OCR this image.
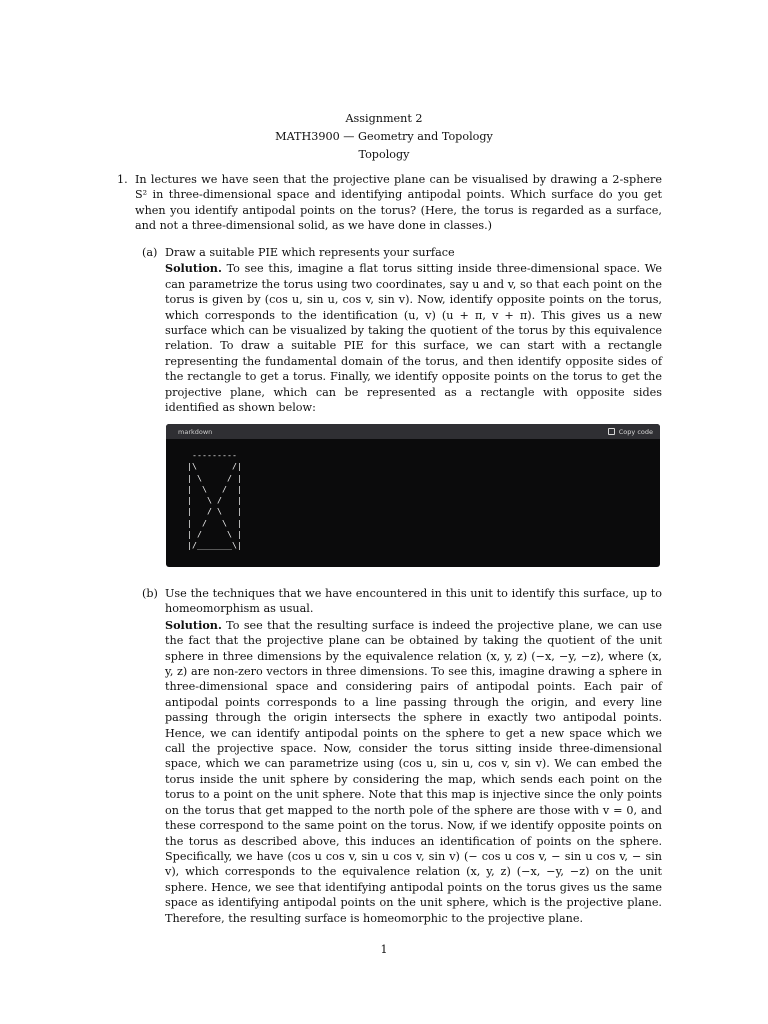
Assignment 2
MATH3900 — Geometry and Topology
Topology
1. In lectures we have seen that the projective plane can be visualised by drawing a 2-sphere S² in three-dimensional space and identifying antipodal points. Which surface do you get when you identify antipodal points on the torus? (Here, the torus is regarded as a surface, and not a three-dimensional solid, as we have done in classes.)
(a) Draw a suitable PIE which represents your surface
Solution. To see this, imagine a flat torus sitting inside three-dimensional space. We can parametrize the torus using two coordinates, say u and v, so that each point on the torus is given by (cos u, sin u, cos v, sin v). Now, identify opposite points on the torus, which corresponds to the identification (u, v) (u + π, v + π). This gives us a new surface which can be visualized by taking the quotient of the torus by this equivalence relation. To draw a suitable PIE for this surface, we can start with a rectangle representing the fundamental domain of the torus, and then identify opposite sides of the rectangle to get a torus. Finally, we identify opposite points on the torus to get the projective plane, which can be represented as a rectangle with opposite sides identified as shown below:
markdown	Copy code
---------
|\       /|
| \     / |
|  \   /  |
|   \ /   |
|   / \   |
|  /   \  |
| /     \ |
|/_______\|
(b) Use the techniques that we have encountered in this unit to identify this surface, up to homeomorphism as usual.
Solution. To see that the resulting surface is indeed the projective plane, we can use the fact that the projective plane can be obtained by taking the quotient of the unit sphere in three dimensions by the equivalence relation (x, y, z) (−x, −y, −z), where (x, y, z) are non-zero vectors in three dimensions. To see this, imagine drawing a sphere in three-dimensional space and considering pairs of antipodal points. Each pair of antipodal points corresponds to a line passing through the origin, and every line passing through the origin intersects the sphere in exactly two antipodal points. Hence, we can identify antipodal points on the sphere to get a new space which we call the projective space. Now, consider the torus sitting inside three-dimensional space, which we can parametrize using (cos u, sin u, cos v, sin v). We can embed the torus inside the unit sphere by considering the map, which sends each point on the torus to a point on the unit sphere. Note that this map is injective since the only points on the torus that get mapped to the north pole of the sphere are those with v = 0, and these correspond to the same point on the torus. Now, if we identify opposite points on the torus as described above, this induces an identification of points on the sphere. Specifically, we have (cos u cos v, sin u cos v, sin v) (− cos u cos v, − sin u cos v, − sin v), which corresponds to the equivalence relation (x, y, z) (−x, −y, −z) on the unit sphere. Hence, we see that identifying antipodal points on the torus gives us the same space as identifying antipodal points on the unit sphere, which is the projective plane. Therefore, the resulting surface is homeomorphic to the projective plane.
1
